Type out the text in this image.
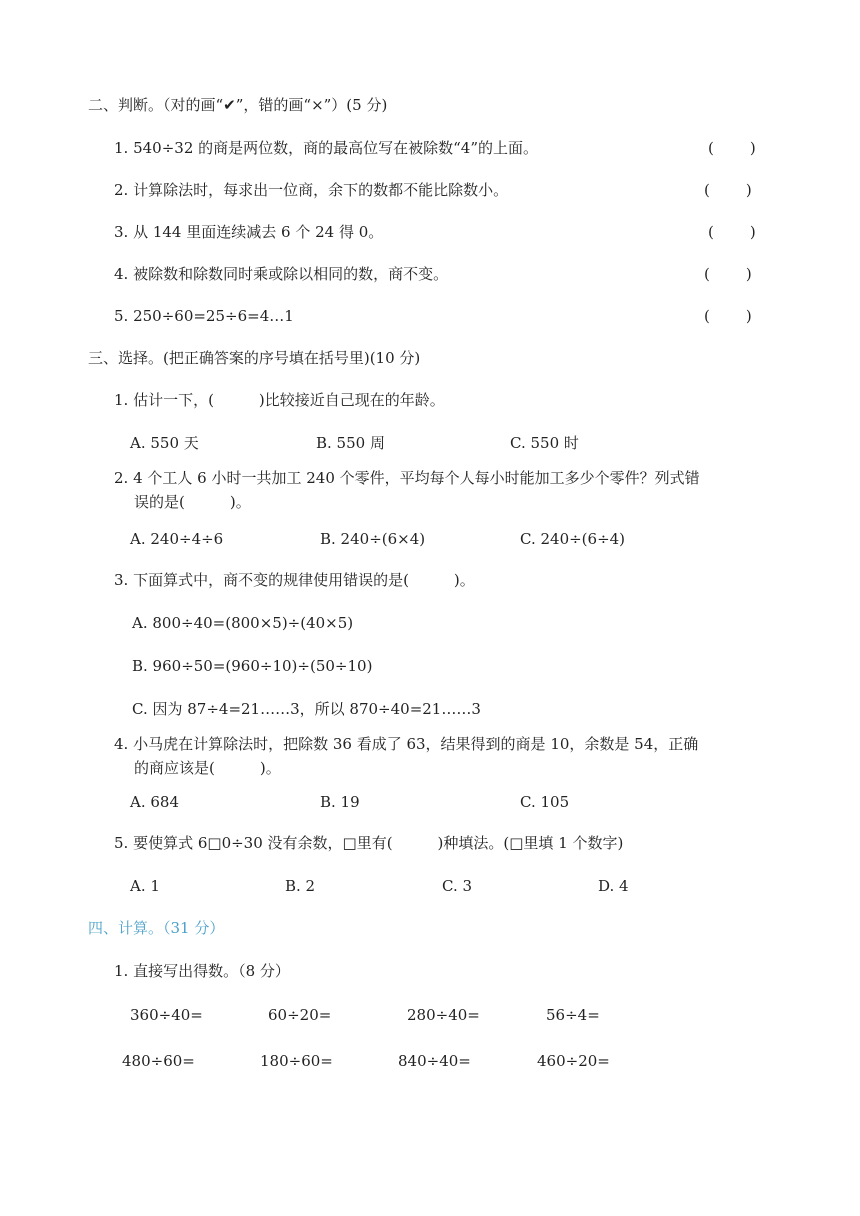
二、判断。（对的画“✔”，错的画“×”）(5 分)
1. 540÷32 的商是两位数，商的最高位写在被除数“4”的上面。	( )
2. 计算除法时，每求出一位商，余下的数都不能比除数小。	( )
3. 从 144 里面连续减去 6 个 24 得 0。	( )
4. 被除数和除数同时乘或除以相同的数，商不变。	( )
5. 250÷60=25÷6=4…1	( )
三、选择。(把正确答案的序号填在括号里)(10 分)
1. 估计一下，(　　　)比较接近自己现在的年龄。
A. 550 天	B. 550 周	C. 550 时
2. 4 个工人 6 小时一共加工 240 个零件，平均每个人每小时能加工多少个零件？列式错
误的是(　　　)。
A. 240÷4÷6	B. 240÷(6×4)	C. 240÷(6÷4)
3. 下面算式中，商不变的规律使用错误的是(　　　)。
A. 800÷40=(800×5)÷(40×5)
B. 960÷50=(960÷10)÷(50÷10)
C. 因为 87÷4=21……3，所以 870÷40=21……3
4. 小马虎在计算除法时，把除数 36 看成了 63，结果得到的商是 10，余数是 54，正确
的商应该是(　　　)。
A. 684	B. 19	C. 105
5. 要使算式 6□0÷30 没有余数，□里有(　　　)种填法。(□里填 1 个数字)
A. 1	B. 2	C. 3	D. 4
四、计算。（31 分）
1. 直接写出得数。（8 分）
360÷40=	60÷20=	280÷40=	56÷4=
480÷60=	180÷60=	840÷40=	460÷20=
